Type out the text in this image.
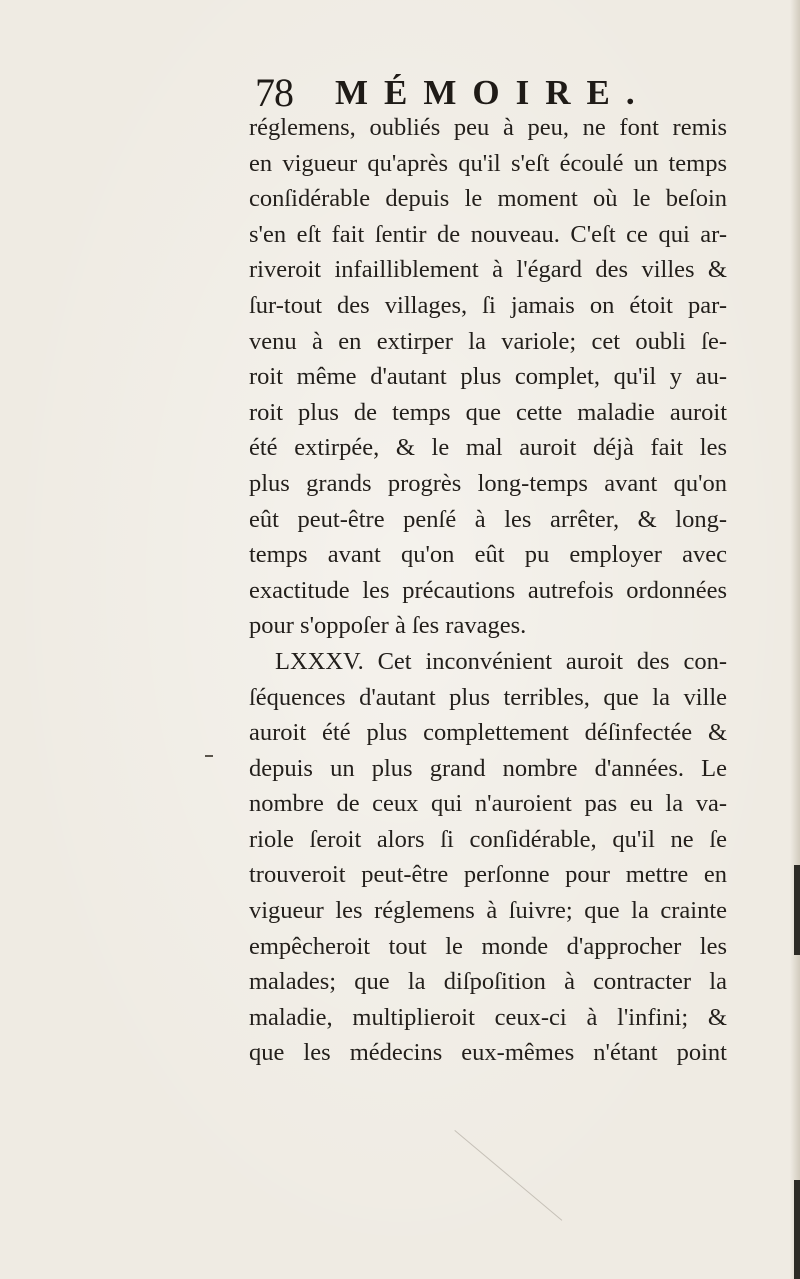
78 MÉMOIRE.
réglemens, oubliés peu à peu, ne font remis
en vigueur qu'après qu'il s'eſt écoulé un temps
conſidérable depuis le moment où le beſoin
s'en eſt fait ſentir de nouveau. C'eſt ce qui ar-
riveroit infailliblement à l'égard des villes &
ſur-tout des villages, ſi jamais on étoit par-
venu à en extirper la variole; cet oubli ſe-
roit même d'autant plus complet, qu'il y au-
roit plus de temps que cette maladie auroit
été extirpée, & le mal auroit déjà fait les
plus grands progrès long-temps avant qu'on
eût peut-être penſé à les arrêter, & long-
temps avant qu'on eût pu employer avec
exactitude les précautions autrefois ordonnées
pour s'oppoſer à ſes ravages.
LXXXV. Cet inconvénient auroit des con-
ſéquences d'autant plus terribles, que la ville
auroit été plus complettement déſinfectée &
depuis un plus grand nombre d'années. Le
nombre de ceux qui n'auroient pas eu la va-
riole ſeroit alors ſi conſidérable, qu'il ne ſe
trouveroit peut-être perſonne pour mettre en
vigueur les réglemens à ſuivre; que la crainte
empêcheroit tout le monde d'approcher les
malades; que la diſpoſition à contracter la
maladie, multiplieroit ceux-ci à l'infini; &
que les médecins eux-mêmes n'étant point
